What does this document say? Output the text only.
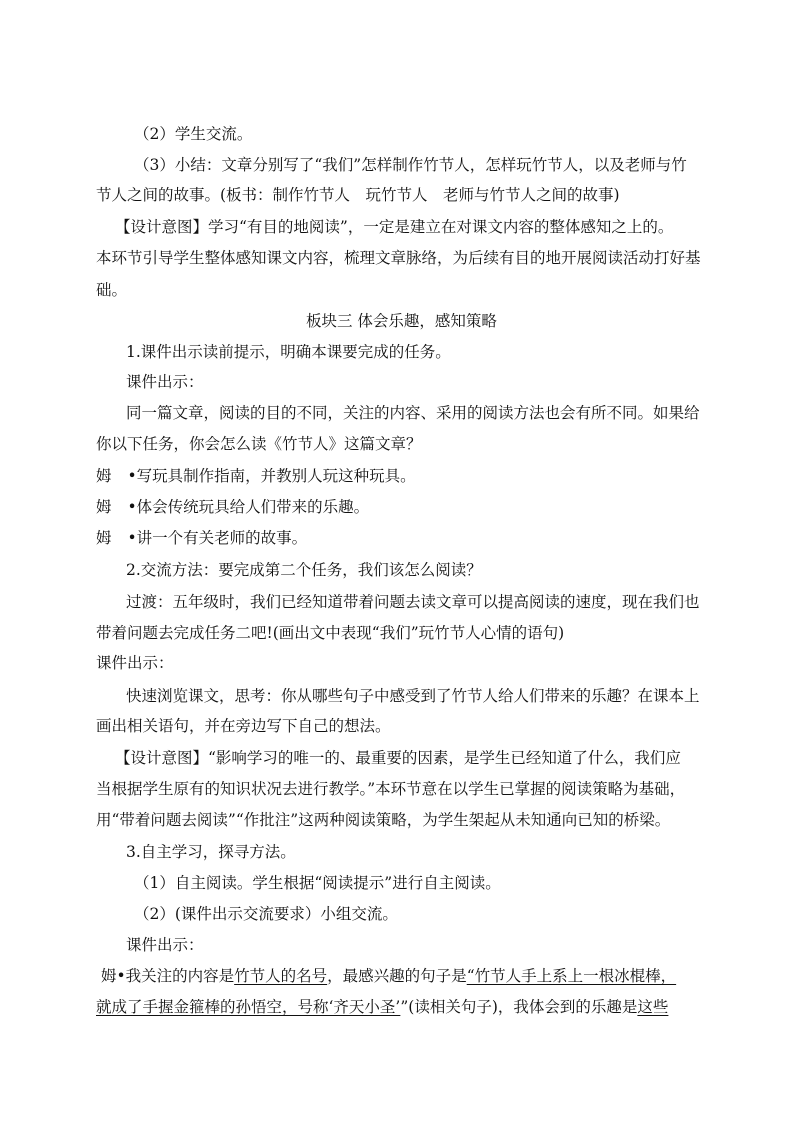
（2）学生交流。
（3）小结：文章分别写了“我们”怎样制作竹节人，怎样玩竹节人，以及老师与竹
节人之间的故事。(板书：制作竹节人　玩竹节人　老师与竹节人之间的故事)
【设计意图】学习“有目的地阅读”，一定是建立在对课文内容的整体感知之上的。
本环节引导学生整体感知课文内容，梳理文章脉络，为后续有目的地开展阅读活动打好基
础。
板块三 体会乐趣，感知策略
1.课件出示读前提示，明确本课要完成的任务。
课件出示：
同一篇文章，阅读的目的不同，关注的内容、采用的阅读方法也会有所不同。如果给
你以下任务，你会怎么读《竹节人》这篇文章？
姆 •写玩具制作指南，并教别人玩这种玩具。
姆 •体会传统玩具给人们带来的乐趣。
姆 •讲一个有关老师的故事。
2.交流方法：要完成第二个任务，我们该怎么阅读？
过渡：五年级时，我们已经知道带着问题去读文章可以提高阅读的速度，现在我们也
带着问题去完成任务二吧!(画出文中表现“我们”玩竹节人心情的语句)
课件出示：
快速浏览课文，思考：你从哪些句子中感受到了竹节人给人们带来的乐趣？在课本上
画出相关语句，并在旁边写下自己的想法。
【设计意图】“影响学习的唯一的、最重要的因素，是学生已经知道了什么，我们应
当根据学生原有的知识状况去进行教学。”本环节意在以学生已掌握的阅读策略为基础，
用“带着问题去阅读”“作批注”这两种阅读策略，为学生架起从未知通向已知的桥梁。
3.自主学习，探寻方法。
（1）自主阅读。学生根据“阅读提示”进行自主阅读。
（2）(课件出示交流要求）小组交流。
课件出示：
姆•我关注的内容是竹节人的名号，最感兴趣的句子是“竹节人手上系上一根冰棍棒，
就成了手握金箍棒的孙悟空，号称‘齐天小圣’”(读相关句子)，我体会到的乐趣是这些
